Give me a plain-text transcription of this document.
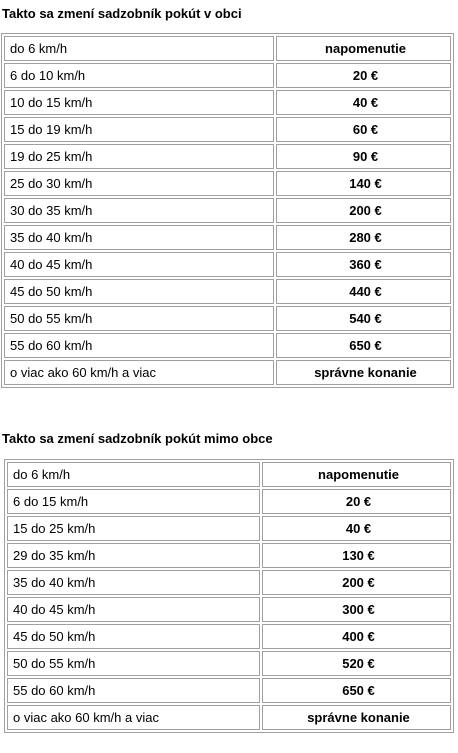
Takto sa zmení sadzobník pokút v obci
do 6 km/h	napomenutie
6 do 10 km/h	20 €
10 do 15 km/h	40 €
15 do 19 km/h	60 €
19 do 25 km/h	90 €
25 do 30 km/h	140 €
30 do 35 km/h	200 €
35 do 40 km/h	280 €
40 do 45 km/h	360 €
45 do 50 km/h	440 €
50 do 55 km/h	540 €
55 do 60 km/h	650 €
o viac ako 60 km/h a viac	správne konanie
Takto sa zmení sadzobník pokút mimo obce
do 6 km/h	napomenutie
6 do 15 km/h	20 €
15 do 25 km/h	40 €
29 do 35 km/h	130 €
35 do 40 km/h	200 €
40 do 45 km/h	300 €
45 do 50 km/h	400 €
50 do 55 km/h	520 €
55 do 60 km/h	650 €
o viac ako 60 km/h a viac	správne konanie
